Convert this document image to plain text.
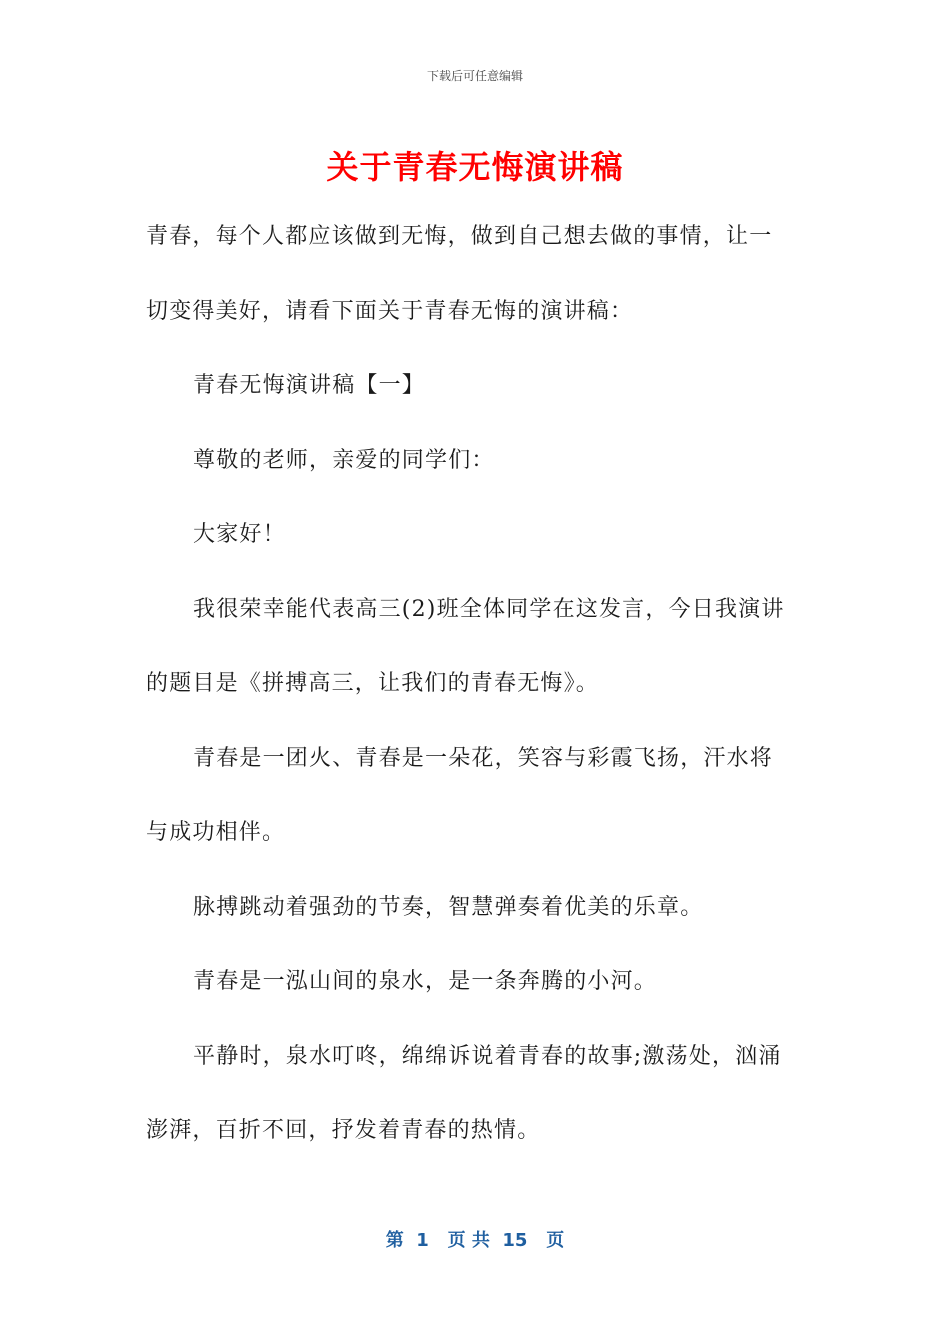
下载后可任意编辑
关于青春无悔演讲稿

青春，每个人都应该做到无悔，做到自己想去做的事情，让一

切变得美好，请看下面关于青春无悔的演讲稿：

青春无悔演讲稿【一】

尊敬的老师，亲爱的同学们：

大家好！

我很荣幸能代表高三(2)班全体同学在这发言，今日我演讲

的题目是《拼搏高三，让我们的青春无悔》。

青春是一团火、青春是一朵花，笑容与彩霞飞扬，汗水将

与成功相伴。

脉搏跳动着强劲的节奏，智慧弹奏着优美的乐章。

青春是一泓山间的泉水，是一条奔腾的小河。

平静时，泉水叮咚，绵绵诉说着青春的故事;激荡处，汹涌

澎湃，百折不回，抒发着青春的热情。

第  1   页 共  15   页
